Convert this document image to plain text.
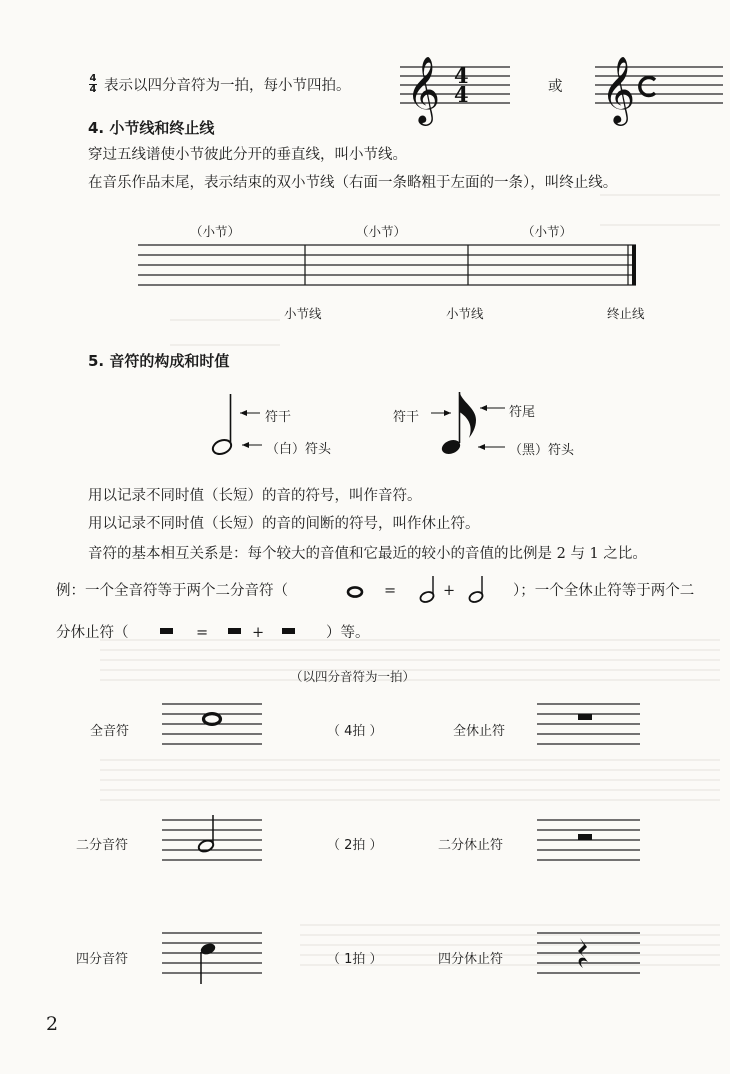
4
4 表示以四分音符为一拍，每小节四拍。 𝄞 4
4	或 𝄞
4. 小节线和终止线
穿过五线谱使小节彼此分开的垂直线，叫小节线。
在音乐作品末尾，表示结束的双小节线（右面一条略粗于左面的一条），叫终止线。
（小节）	（小节）	（小节）
小节线	小节线	终止线
5. 音符的构成和时值
符干
（白）符头
符干	符尾
（黑）符头
用以记录不同时值（长短）的音的符号，叫作音符。
用以记录不同时值（长短）的音的间断的符号，叫作休止符。
音符的基本相互关系是：每个较大的音值和它最近的较小的音值的比例是 2 与 1 之比。
例：一个全音符等于两个二分音符（	=	+	）；一个全休止符等于两个二
分休止符（	=	+	）等。
（以四分音符为一拍）
全音符	（ 4拍 ）	全休止符
二分音符	（ 2拍 ）	二分休止符
四分音符	（ 1拍 ）	四分休止符
2
